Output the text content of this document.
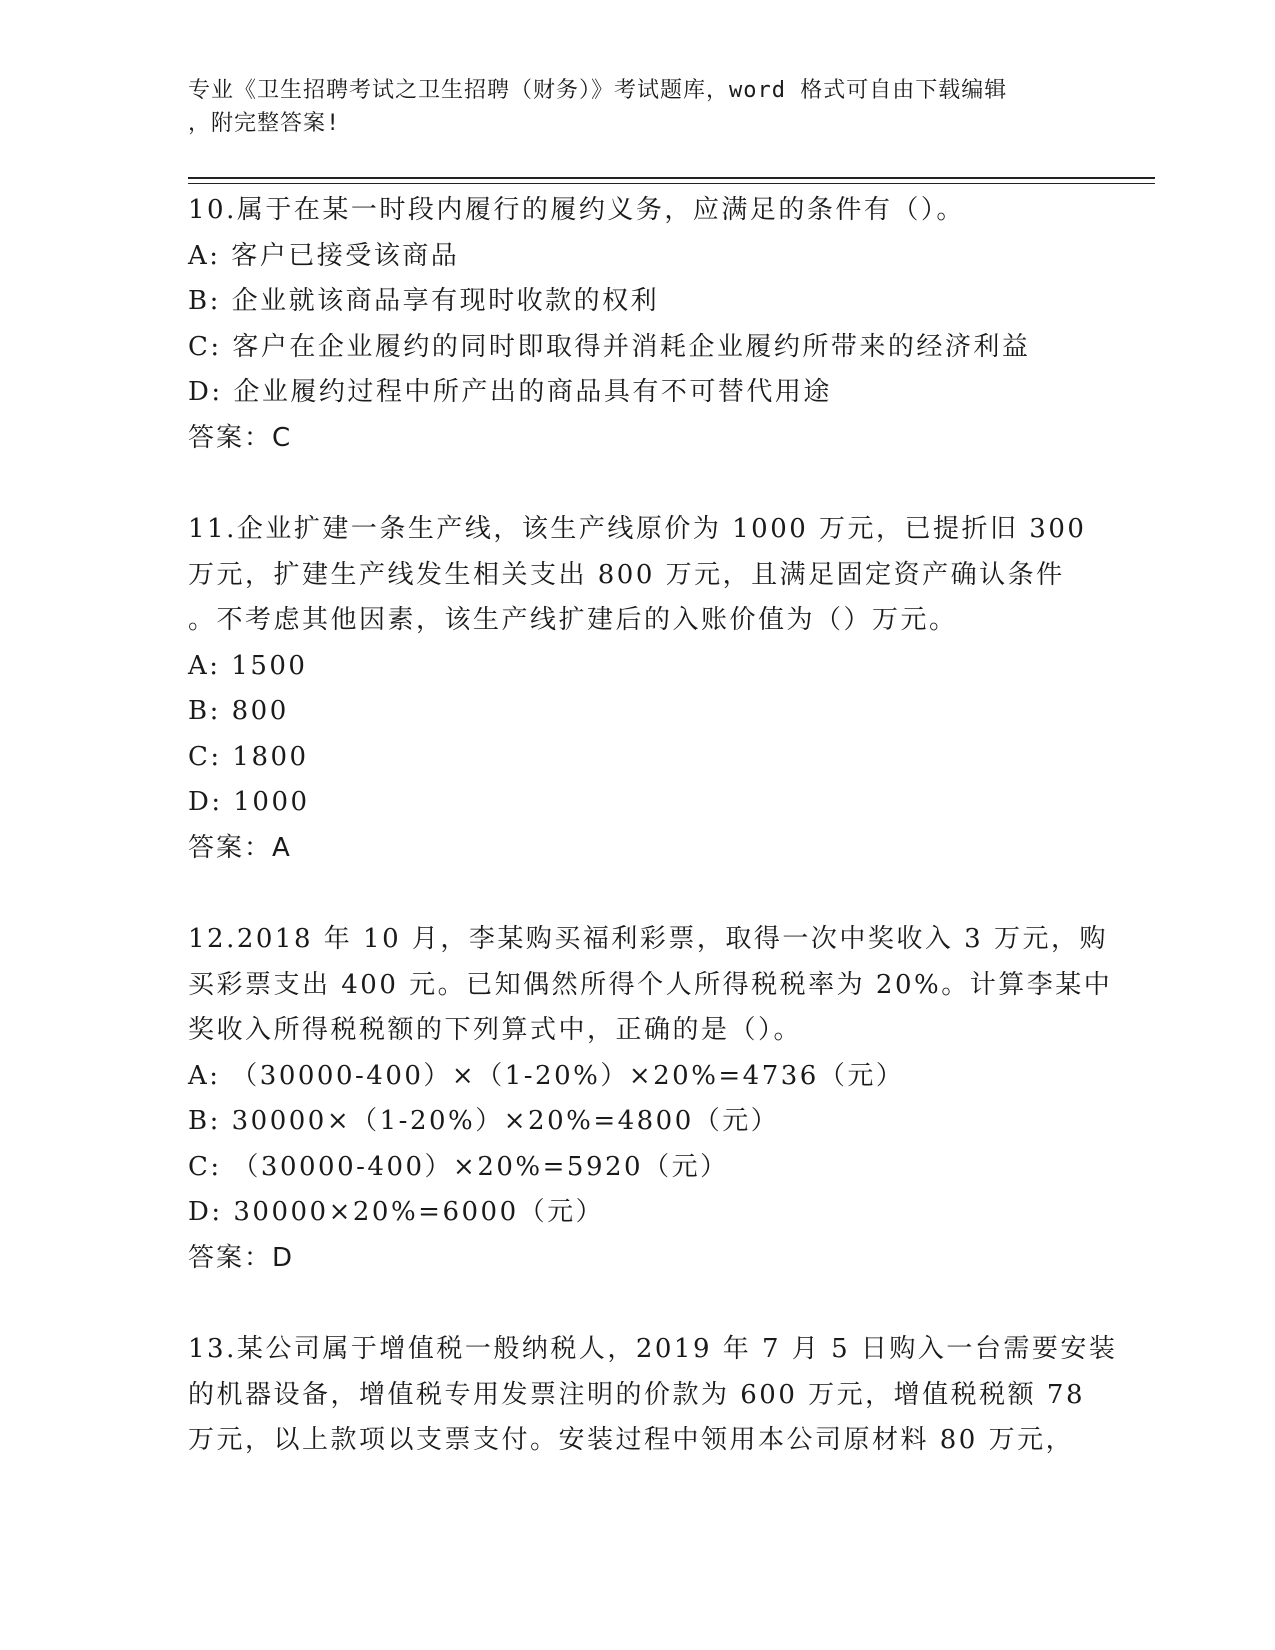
专业《卫生招聘考试之卫生招聘（财务）》考试题库，word 格式可自由下载编辑
，附完整答案!
10.属于在某一时段内履行的履约义务，应满足的条件有（）。
A: 客户已接受该商品
B: 企业就该商品享有现时收款的权利
C: 客户在企业履约的同时即取得并消耗企业履约所带来的经济利益
D: 企业履约过程中所产出的商品具有不可替代用途
答案：C
11.企业扩建一条生产线，该生产线原价为 1000 万元，已提折旧 300
万元，扩建生产线发生相关支出 800 万元，且满足固定资产确认条件
。不考虑其他因素，该生产线扩建后的入账价值为（）万元。
A: 1500
B: 800
C: 1800
D: 1000
答案：A
12.2018 年 10 月，李某购买福利彩票，取得一次中奖收入 3 万元，购
买彩票支出 400 元。已知偶然所得个人所得税税率为 20%。计算李某中
奖收入所得税税额的下列算式中，正确的是（）。
A: （30000-400）×（1-20%）×20%=4736（元）
B: 30000×（1-20%）×20%=4800（元）
C: （30000-400）×20%=5920（元）
D: 30000×20%=6000（元）
答案：D
13.某公司属于增值税一般纳税人，2019 年 7 月 5 日购入一台需要安装
的机器设备，增值税专用发票注明的价款为 600 万元，增值税税额 78
万元，以上款项以支票支付。安装过程中领用本公司原材料 80 万元，
